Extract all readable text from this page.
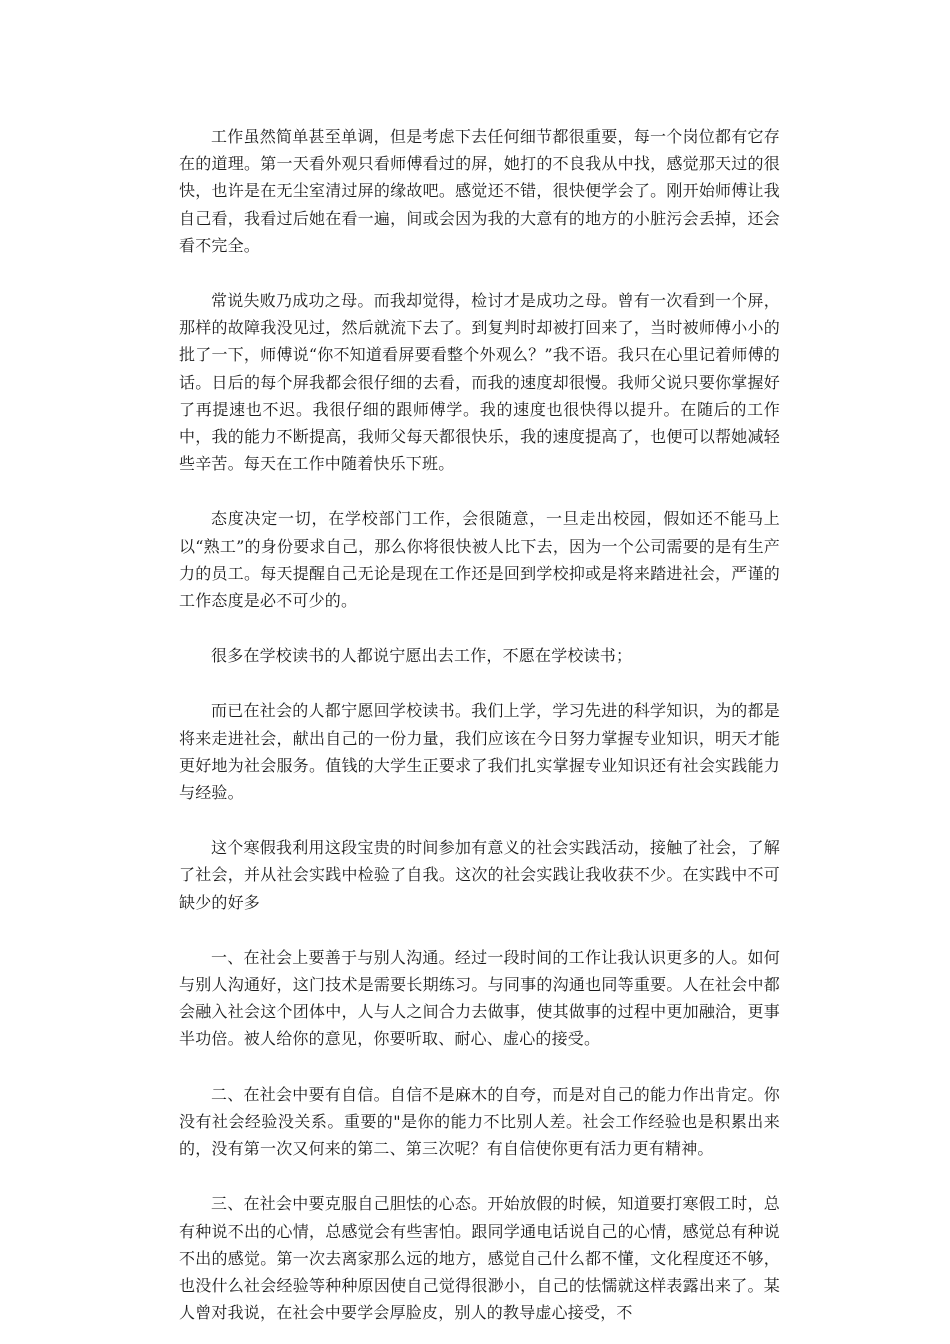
工作虽然简单甚至单调，但是考虑下去任何细节都很重要，每一个岗位都有它存在的道理。第一天看外观只看师傅看过的屏，她打的不良我从中找，感觉那天过的很快，也许是在无尘室清过屏的缘故吧。感觉还不错，很快便学会了。刚开始师傅让我自己看，我看过后她在看一遍，间或会因为我的大意有的地方的小脏污会丢掉，还会看不完全。

常说失败乃成功之母。而我却觉得，检讨才是成功之母。曾有一次看到一个屏，那样的故障我没见过，然后就流下去了。到复判时却被打回来了，当时被师傅小小的批了一下，师傅说“你不知道看屏要看整个外观么？”我不语。我只在心里记着师傅的话。日后的每个屏我都会很仔细的去看，而我的速度却很慢。我师父说只要你掌握好了再提速也不迟。我很仔细的跟师傅学。我的速度也很快得以提升。在随后的工作中，我的能力不断提高，我师父每天都很快乐，我的速度提高了，也便可以帮她减轻些辛苦。每天在工作中随着快乐下班。

态度决定一切，在学校部门工作，会很随意，一旦走出校园，假如还不能马上以“熟工”的身份要求自己，那么你将很快被人比下去，因为一个公司需要的是有生产力的员工。每天提醒自己无论是现在工作还是回到学校抑或是将来踏进社会，严谨的工作态度是必不可少的。

很多在学校读书的人都说宁愿出去工作，不愿在学校读书；

而已在社会的人都宁愿回学校读书。我们上学，学习先进的科学知识，为的都是将来走进社会，献出自己的一份力量，我们应该在今日努力掌握专业知识，明天才能更好地为社会服务。值钱的大学生正要求了我们扎实掌握专业知识还有社会实践能力与经验。

这个寒假我利用这段宝贵的时间参加有意义的社会实践活动，接触了社会，了解了社会，并从社会实践中检验了自我。这次的社会实践让我收获不少。在实践中不可缺少的好多

一、在社会上要善于与别人沟通。经过一段时间的工作让我认识更多的人。如何与别人沟通好，这门技术是需要长期练习。与同事的沟通也同等重要。人在社会中都会融入社会这个团体中，人与人之间合力去做事，使其做事的过程中更加融洽，更事半功倍。被人给你的意见，你要听取、耐心、虚心的接受。

二、在社会中要有自信。自信不是麻木的自夸，而是对自己的能力作出肯定。你没有社会经验没关系。重要的"是你的能力不比别人差。社会工作经验也是积累出来的，没有第一次又何来的第二、第三次呢？有自信使你更有活力更有精神。

三、在社会中要克服自己胆怯的心态。开始放假的时候，知道要打寒假工时，总有种说不出的心情，总感觉会有些害怕。跟同学通电话说自己的心情，感觉总有种说不出的感觉。第一次去离家那么远的地方，感觉自己什么都不懂，文化程度还不够，也没什么社会经验等种种原因使自己觉得很渺小，自己的怯懦就这样表露出来了。某人曾对我说，在社会中要学会厚脸皮，别人的教导虚心接受，不
